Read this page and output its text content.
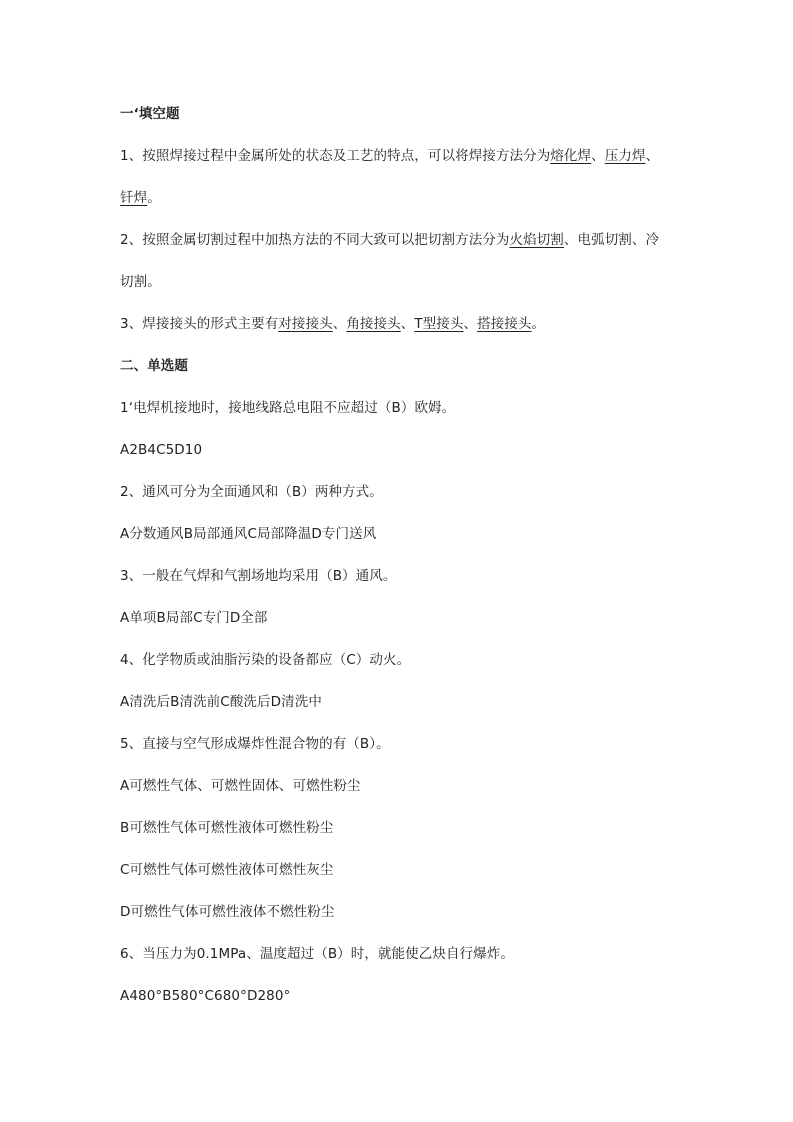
一‘填空题
1、按照焊接过程中金属所处的状态及工艺的特点，可以将焊接方法分为熔化焊、压力焊、
钎焊。
2、按照金属切割过程中加热方法的不同大致可以把切割方法分为火焰切割、电弧切割、冷
切割。
3、焊接接头的形式主要有对接接头、角接接头、T型接头、搭接接头。
二、单选题
1‘电焊机接地时，接地线路总电阻不应超过（B）欧姆。
A2B4C5D10
2、通风可分为全面通风和（B）两种方式。
A分数通风B局部通风C局部降温D专门送风
3、一般在气焊和气割场地均采用（B）通风。
A单项B局部C专门D全部
4、化学物质或油脂污染的设备都应（C）动火。
A清洗后B清洗前C酸洗后D清洗中
5、直接与空气形成爆炸性混合物的有（B）。
A可燃性气体、可燃性固体、可燃性粉尘
B可燃性气体可燃性液体可燃性粉尘
C可燃性气体可燃性液体可燃性灰尘
D可燃性气体可燃性液体不燃性粉尘
6、当压力为0.1MPa、温度超过（B）时，就能使乙炔自行爆炸。
A480°B580°C680°D280°
